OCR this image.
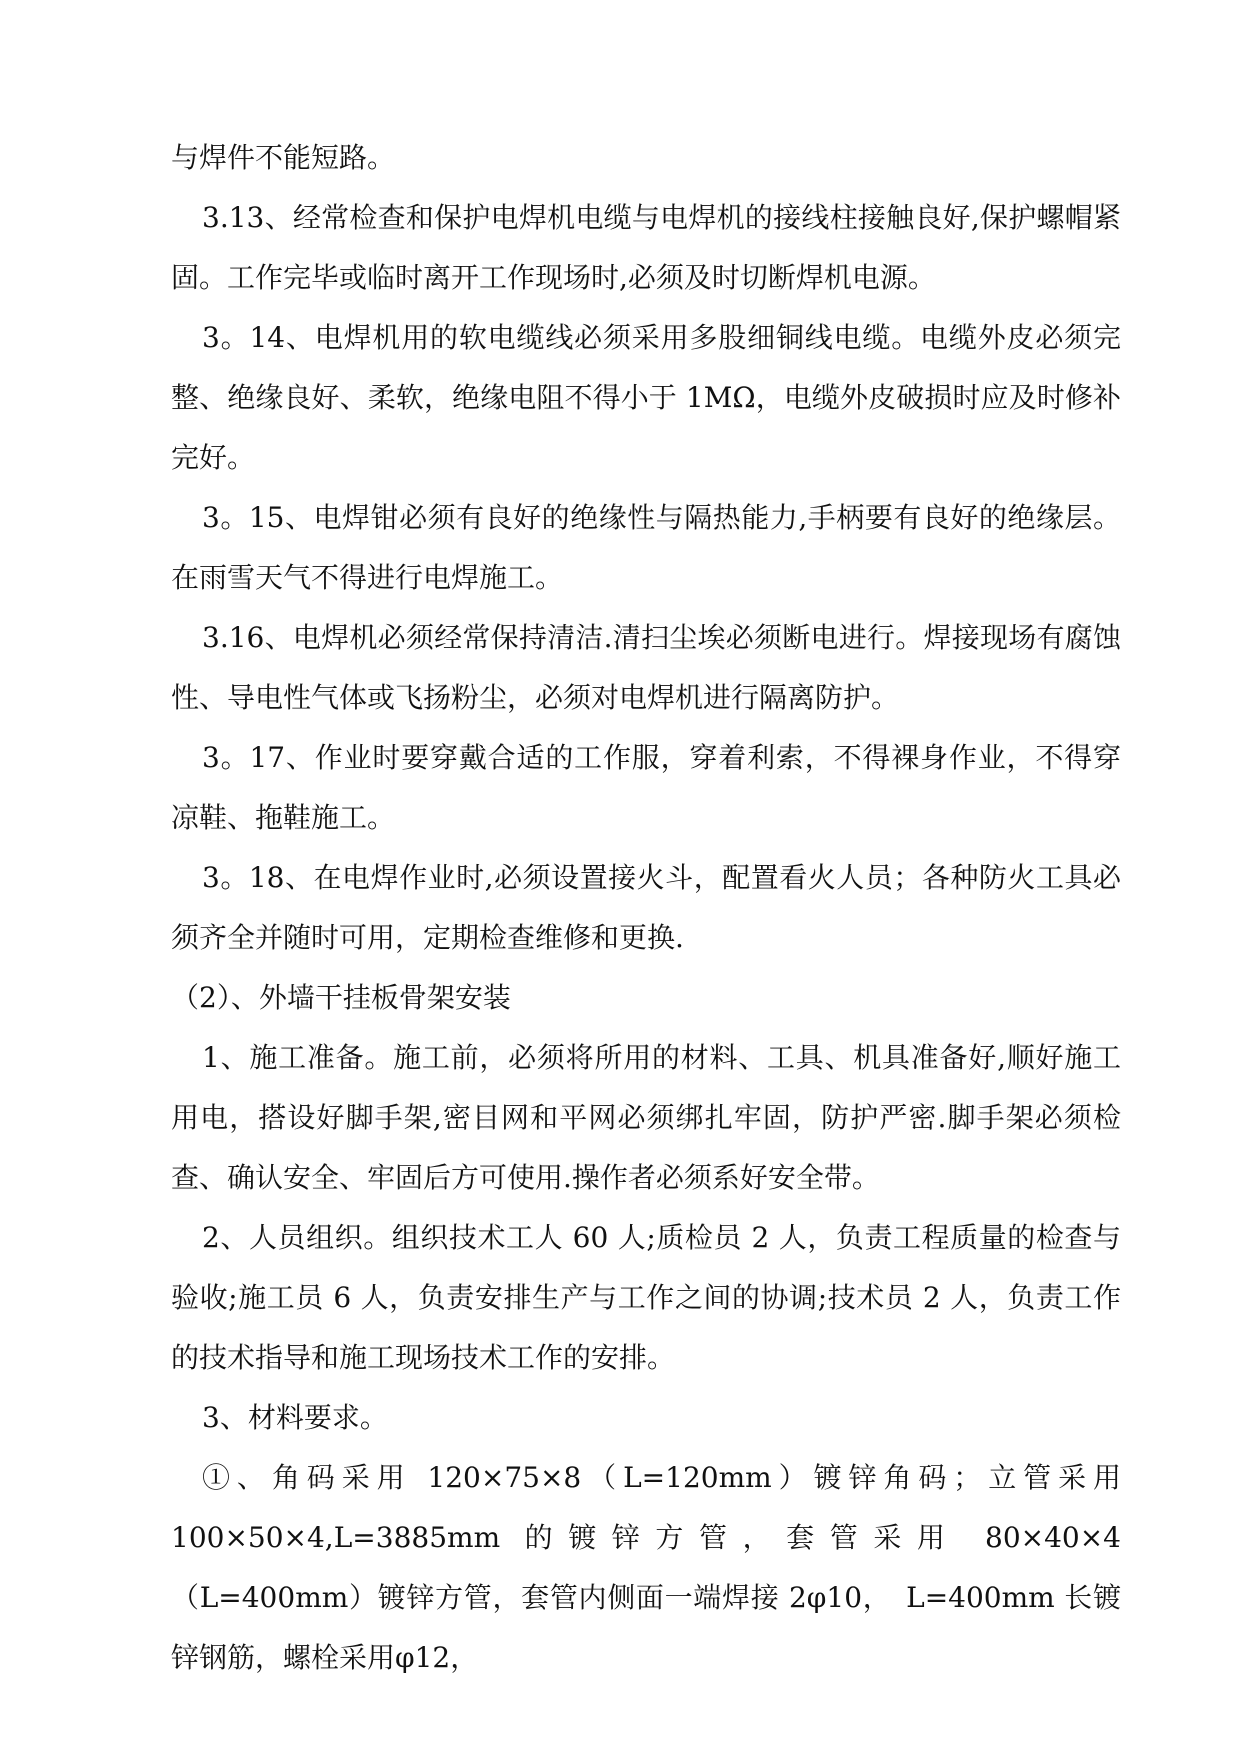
与焊件不能短路。

3.13、经常检查和保护电焊机电缆与电焊机的接线柱接触良好,保护螺帽紧固。工作完毕或临时离开工作现场时,必须及时切断焊机电源。

3。14、电焊机用的软电缆线必须采用多股细铜线电缆。电缆外皮必须完整、绝缘良好、柔软，绝缘电阻不得小于 1MΩ，电缆外皮破损时应及时修补完好。

3。15、电焊钳必须有良好的绝缘性与隔热能力,手柄要有良好的绝缘层。在雨雪天气不得进行电焊施工。

3.16、电焊机必须经常保持清洁.清扫尘埃必须断电进行。焊接现场有腐蚀性、导电性气体或飞扬粉尘，必须对电焊机进行隔离防护。

3。17、作业时要穿戴合适的工作服，穿着利索，不得裸身作业，不得穿凉鞋、拖鞋施工。

3。18、在电焊作业时,必须设置接火斗，配置看火人员；各种防火工具必须齐全并随时可用，定期检查维修和更换.

（2）、外墙干挂板骨架安装

1、施工准备。施工前，必须将所用的材料、工具、机具准备好,顺好施工用电，搭设好脚手架,密目网和平网必须绑扎牢固，防护严密.脚手架必须检查、确认安全、牢固后方可使用.操作者必须系好安全带。

2、人员组织。组织技术工人 60 人;质检员 2 人，负责工程质量的检查与验收;施工员 6 人，负责安排生产与工作之间的协调;技术员 2 人，负责工作的技术指导和施工现场技术工作的安排。

3、材料要求。

①、角码采用 120×75×8（L=120mm）镀锌角码；立管采用 100×50×4,L=3885mm 的镀锌方管，套管采用 80×40×4（L=400mm）镀锌方管，套管内侧面一端焊接 2φ10，　L=400mm 长镀锌钢筋，螺栓采用φ12，
